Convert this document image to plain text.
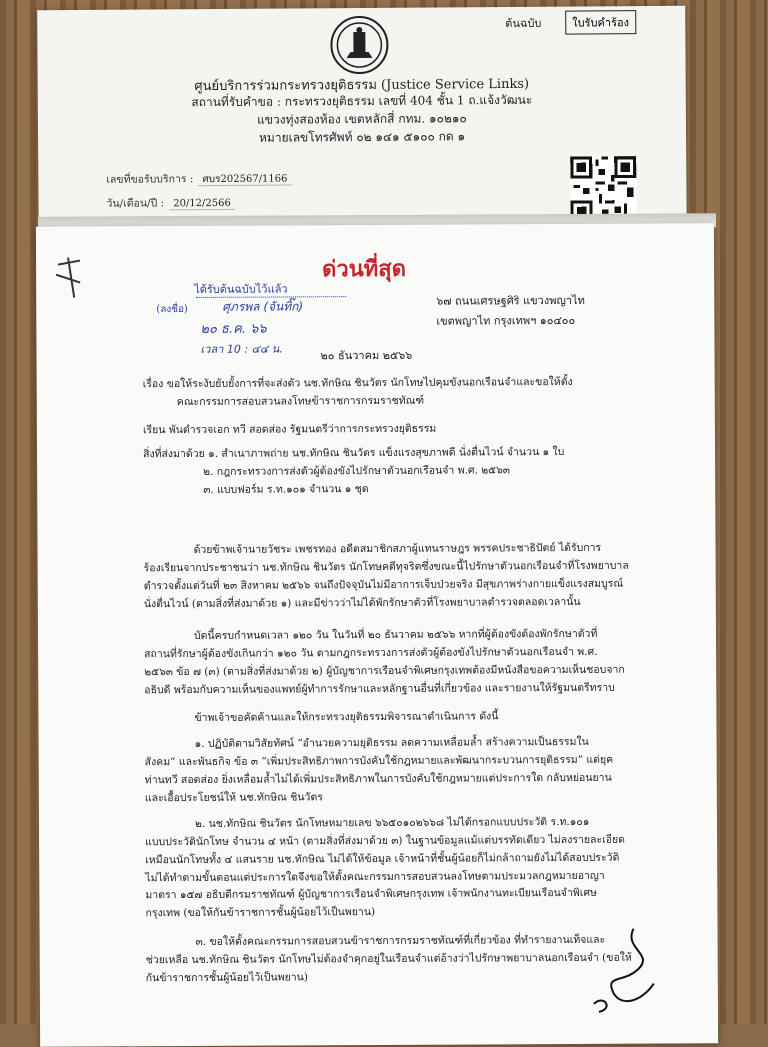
ต้นฉบับ	ใบรับคำร้อง
ศูนย์บริการร่วมกระทรวงยุติธรรม (Justice Service Links)
สถานที่รับคำขอ : กระทรวงยุติธรรม เลขที่ 404 ชั้น 1 ถ.แจ้งวัฒนะ
แขวงทุ่งสองห้อง เขตหลักสี่ กทม. ๑๐๒๑๐
หมายเลขโทรศัพท์ ๐๒ ๑๔๑ ๕๑๐๐ กด ๑
เลขที่ขอรับบริการ : ศบร202567/1166
วัน/เดือน/ปี : 20/12/2566
ด่วนที่สุด
ได้รับต้นฉบับไว้แล้ว
(ลงชื่อ)	ศุภรพล (จันทิ๊ก)
๒๐ ธ.ค. ๖๖
เวลา 10 : ๔๔ น.
๖๗ ถนนเศรษฐศิริ แขวงพญาไท
เขตพญาไท กรุงเทพฯ ๑๐๔๐๐
๒๐ ธันวาคม ๒๕๖๖
เรื่อง ขอให้ระงับยับยั้งการที่จะส่งตัว นช.ทักษิณ ชินวัตร นักโทษไปคุมขังนอกเรือนจำและขอให้ตั้ง
คณะกรรมการสอบสวนลงโทษข้าราชการกรมราชทัณฑ์
เรียน พันตำรวจเอก ทวี สอดส่อง รัฐมนตรีว่าการกระทรวงยุติธรรม
สิ่งที่ส่งมาด้วย ๑. สำเนาภาพถ่าย นช.ทักษิณ ชินวัตร แข็งแรงสุขภาพดี นั่งตื่นไวน์ จำนวน ๑ ใบ
๒. กฎกระทรวงการส่งตัวผู้ต้องขังไปรักษาตัวนอกเรือนจำ พ.ศ. ๒๕๖๓
๓. แบบฟอร์ม ร.ท.๑๐๑ จำนวน ๑ ชุด
ด้วยข้าพเจ้านายวัชระ เพชรทอง อดีตสมาชิกสภาผู้แทนราษฎร พรรคประชาธิปัตย์ ได้รับการ
ร้องเรียนจากประชาชนว่า นช.ทักษิณ ชินวัตร นักโทษคดีทุจริตซึ่งขณะนี้ไปรักษาตัวนอกเรือนจำที่โรงพยาบาล
ตำรวจตั้งแต่วันที่ ๒๓ สิงหาคม ๒๕๖๖ จนถึงปัจจุบันไม่มีอาการเจ็บป่วยจริง มีสุขภาพร่างกายแข็งแรงสมบูรณ์
นั่งตื่นไวน์ (ตามสิ่งที่ส่งมาด้วย ๑) และมีข่าวว่าไม่ได้พักรักษาตัวที่โรงพยาบาลตำรวจตลอดเวลานั้น
บัดนี้ครบกำหนดเวลา ๑๒๐ วัน ในวันที่ ๒๐ ธันวาคม ๒๕๖๖ หากที่ผู้ต้องขังต้องพักรักษาตัวที่
สถานที่รักษาผู้ต้องขังเกินกว่า ๑๒๐ วัน ตามกฎกระทรวงการส่งตัวผู้ต้องขังไปรักษาตัวนอกเรือนจำ พ.ศ.
๒๕๖๓ ข้อ ๗ (๓) (ตามสิ่งที่ส่งมาด้วย ๒) ผู้บัญชาการเรือนจำพิเศษกรุงเทพต้องมีหนังสือขอความเห็นชอบจาก
อธิบดี พร้อมกับความเห็นของแพทย์ผู้ทำการรักษาและหลักฐานอื่นที่เกี่ยวข้อง และรายงานให้รัฐมนตรีทราบ
ข้าพเจ้าขอคัดค้านและให้กระทรวงยุติธรรมพิจารณาดำเนินการ ดังนี้
๑. ปฏิบัติตามวิสัยทัศน์ “อำนวยความยุติธรรม ลดความเหลื่อมล้ำ สร้างความเป็นธรรมใน
สังคม” และพันธกิจ ข้อ ๓ “เพิ่มประสิทธิภาพการบังคับใช้กฎหมายและพัฒนากระบวนการยุติธรรม” แต่ยุค
ท่านทวี สอดส่อง ยิ่งเหลื่อมล้ำไม่ได้เพิ่มประสิทธิภาพในการบังคับใช้กฎหมายแต่ประการใด กลับหย่อนยาน
และเอื้อประโยชน์ให้ นช.ทักษิณ ชินวัตร
๒. นช.ทักษิณ ชินวัตร นักโทษหมายเลข ๖๖๕๐๑๐๒๖๖๘ ไม่ได้กรอกแบบประวัติ ร.ท.๑๐๑
แบบประวัตินักโทษ จำนวน ๔ หน้า (ตามสิ่งที่ส่งมาด้วย ๓) ในฐานข้อมูลแม้แต่บรรทัดเดียว ไม่ลงรายละเอียด
เหมือนนักโทษทั้ง ๔ แสนราย นช.ทักษิณ ไม่ได้ให้ข้อมูล เจ้าหน้าที่ชั้นผู้น้อยก็ไม่กล้าถามยังไม่ได้สอบประวัติ
ไม่ได้ทำตามขั้นตอนแต่ประการใดจึงขอให้ตั้งคณะกรรมการสอบสวนลงโทษตามประมวลกฎหมายอาญา
มาตรา ๑๕๗ อธิบดีกรมราชทัณฑ์ ผู้บัญชาการเรือนจำพิเศษกรุงเทพ เจ้าพนักงานทะเบียนเรือนจำพิเศษ
กรุงเทพ (ขอให้กันข้าราชการชั้นผู้น้อยไว้เป็นพยาน)
๓. ขอให้ตั้งคณะกรรมการสอบสวนข้าราชการกรมราชทัณฑ์ที่เกี่ยวข้อง ที่ทำรายงานเท็จและ
ช่วยเหลือ นช.ทักษิณ ชินวัตร นักโทษไม่ต้องจำคุกอยู่ในเรือนจำแต่อ้างว่าไปรักษาพยาบาลนอกเรือนจำ (ขอให้
กันข้าราชการชั้นผู้น้อยไว้เป็นพยาน)
